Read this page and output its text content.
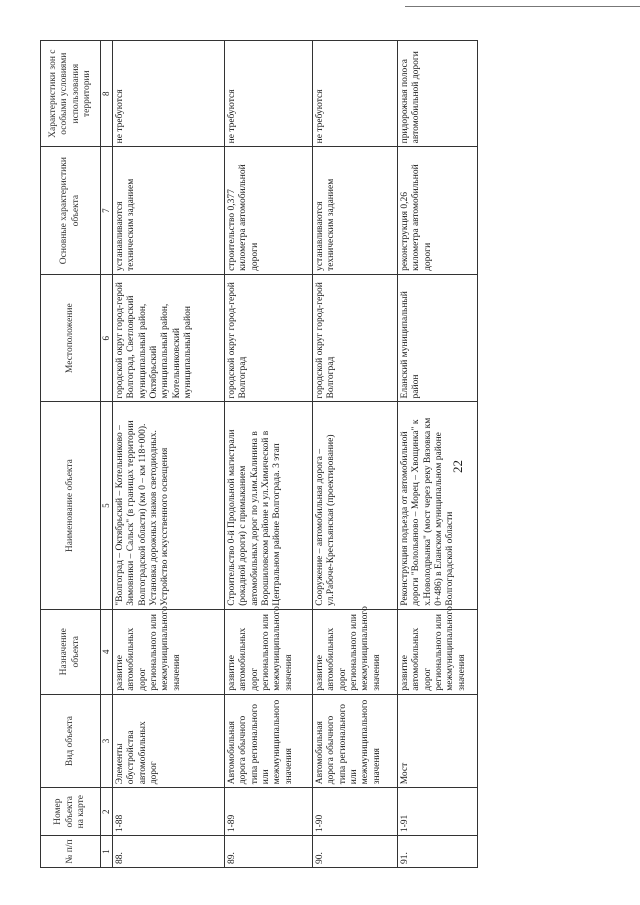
22
№ п/п	Номер объекта на карте	Вид объекта	Назначение объекта	Наименование объекта	Местоположение	Основные характеристики объекта	Характеристики зон с особыми условиями использования территории
1	2	3	4	5	6	7	8
88.	1-88	Элементы обустройства автомобильных дорог	развитие автомобильных дорог регионального или межмуниципального значения	"Волгоград – Октябрьский – Котельниково – Зимовники – Сальск" (в границах территории Волгоградской области) (км 0 – км 118+000). Установка дорожных знаков светодиодных. Устройство искусственного освещения	городской округ город-герой Волгоград, Светлоярский муниципальный район, Октябрьский муниципальный район, Котельниковский муниципальный район	устанавливаются техническим заданием	не требуются
89.	1-89	Автомобильная дорога обычного типа регионального или межмуниципального значения	развитие автомобильных дорог регионального или межмуниципального значения	Строительство 0-й Продольной магистрали (рокадной дороги) с примыканием автомобильных дорог по ул.им.Калинина в Ворошиловском районе и ул.Химической в Центральном районе Волгограда. 3 этап	городской округ город-герой Волгоград	строительство 0,377 километра автомобильной дороги	не требуются
90.	1-90	Автомобильная дорога обычного типа регионального или межмуниципального значения	развитие автомобильных дорог регионального или межмуниципального значения	Сооружение – автомобильная дорога – ул.Рабоче-Крестьянская (проектирование)	городской округ город-герой Волгоград	устанавливаются техническим заданием	не требуются
91.	1-91	Мост	развитие автомобильных дорог регионального или межмуниципального значения	Реконструкция подъезда от автомобильной дороги "Волольяново – Морец – Хвощинка" к х.Новолодрынка" (мост через реку Вязовка км 0+486) в Еланском муниципальном районе Волгоградской области	Еланский муниципальный район	реконструкция 0,26 километра автомобильной дороги	придорожная полоса автомобильной дороги
